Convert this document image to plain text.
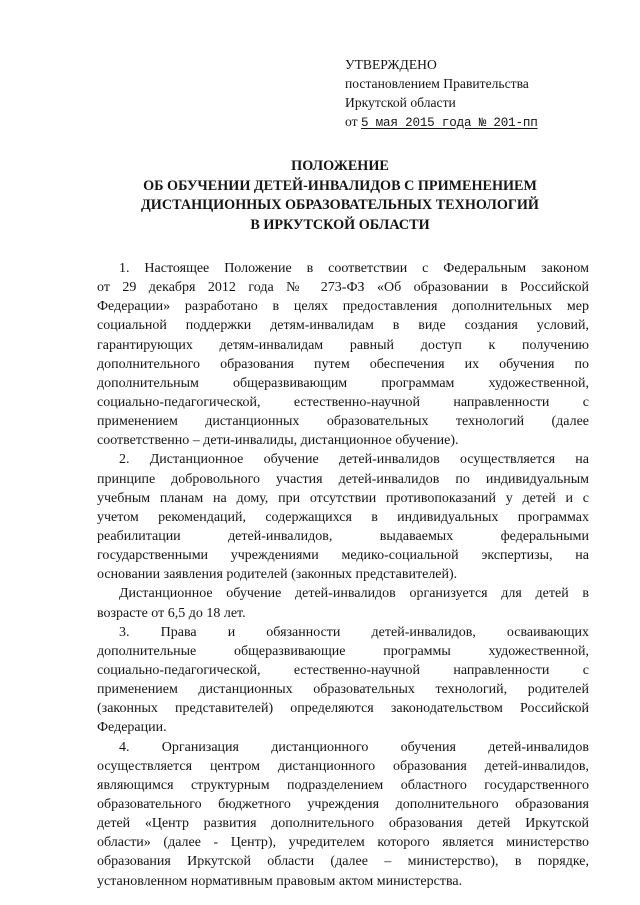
УТВЕРЖДЕНО
постановлением Правительства
Иркутской области
от 5 мая 2015 года № 201-пп
ПОЛОЖЕНИЕ
ОБ ОБУЧЕНИИ ДЕТЕЙ-ИНВАЛИДОВ С ПРИМЕНЕНИЕМ
ДИСТАНЦИОННЫХ ОБРАЗОВАТЕЛЬНЫХ ТЕХНОЛОГИЙ
В ИРКУТСКОЙ ОБЛАСТИ
1. Настоящее Положение в соответствии с Федеральным законом
от 29 декабря 2012 года № 273-ФЗ «Об образовании в Российской
Федерации» разработано в целях предоставления дополнительных мер
социальной поддержки детям-инвалидам в виде создания условий,
гарантирующих детям-инвалидам равный доступ к получению
дополнительного образования путем обеспечения их обучения по
дополнительным общеразвивающим программам художественной,
социально-педагогической, естественно-научной направленности с
применением дистанционных образовательных технологий (далее
соответственно – дети-инвалиды, дистанционное обучение).
2. Дистанционное обучение детей-инвалидов осуществляется на
принципе добровольного участия детей-инвалидов по индивидуальным
учебным планам на дому, при отсутствии противопоказаний у детей и с
учетом рекомендаций, содержащихся в индивидуальных программах
реабилитации детей-инвалидов, выдаваемых федеральными
государственными учреждениями медико-социальной экспертизы, на
основании заявления родителей (законных представителей).
Дистанционное обучение детей-инвалидов организуется для детей в
возрасте от 6,5 до 18 лет.
3. Права и обязанности детей-инвалидов, осваивающих
дополнительные общеразвивающие программы художественной,
социально-педагогической, естественно-научной направленности с
применением дистанционных образовательных технологий, родителей
(законных представителей) определяются законодательством Российской
Федерации.
4. Организация дистанционного обучения детей-инвалидов
осуществляется центром дистанционного образования детей-инвалидов,
являющимся структурным подразделением областного государственного
образовательного бюджетного учреждения дополнительного образования
детей «Центр развития дополнительного образования детей Иркутской
области» (далее - Центр), учредителем которого является министерство
образования Иркутской области (далее – министерство), в порядке,
установленном нормативным правовым актом министерства.
